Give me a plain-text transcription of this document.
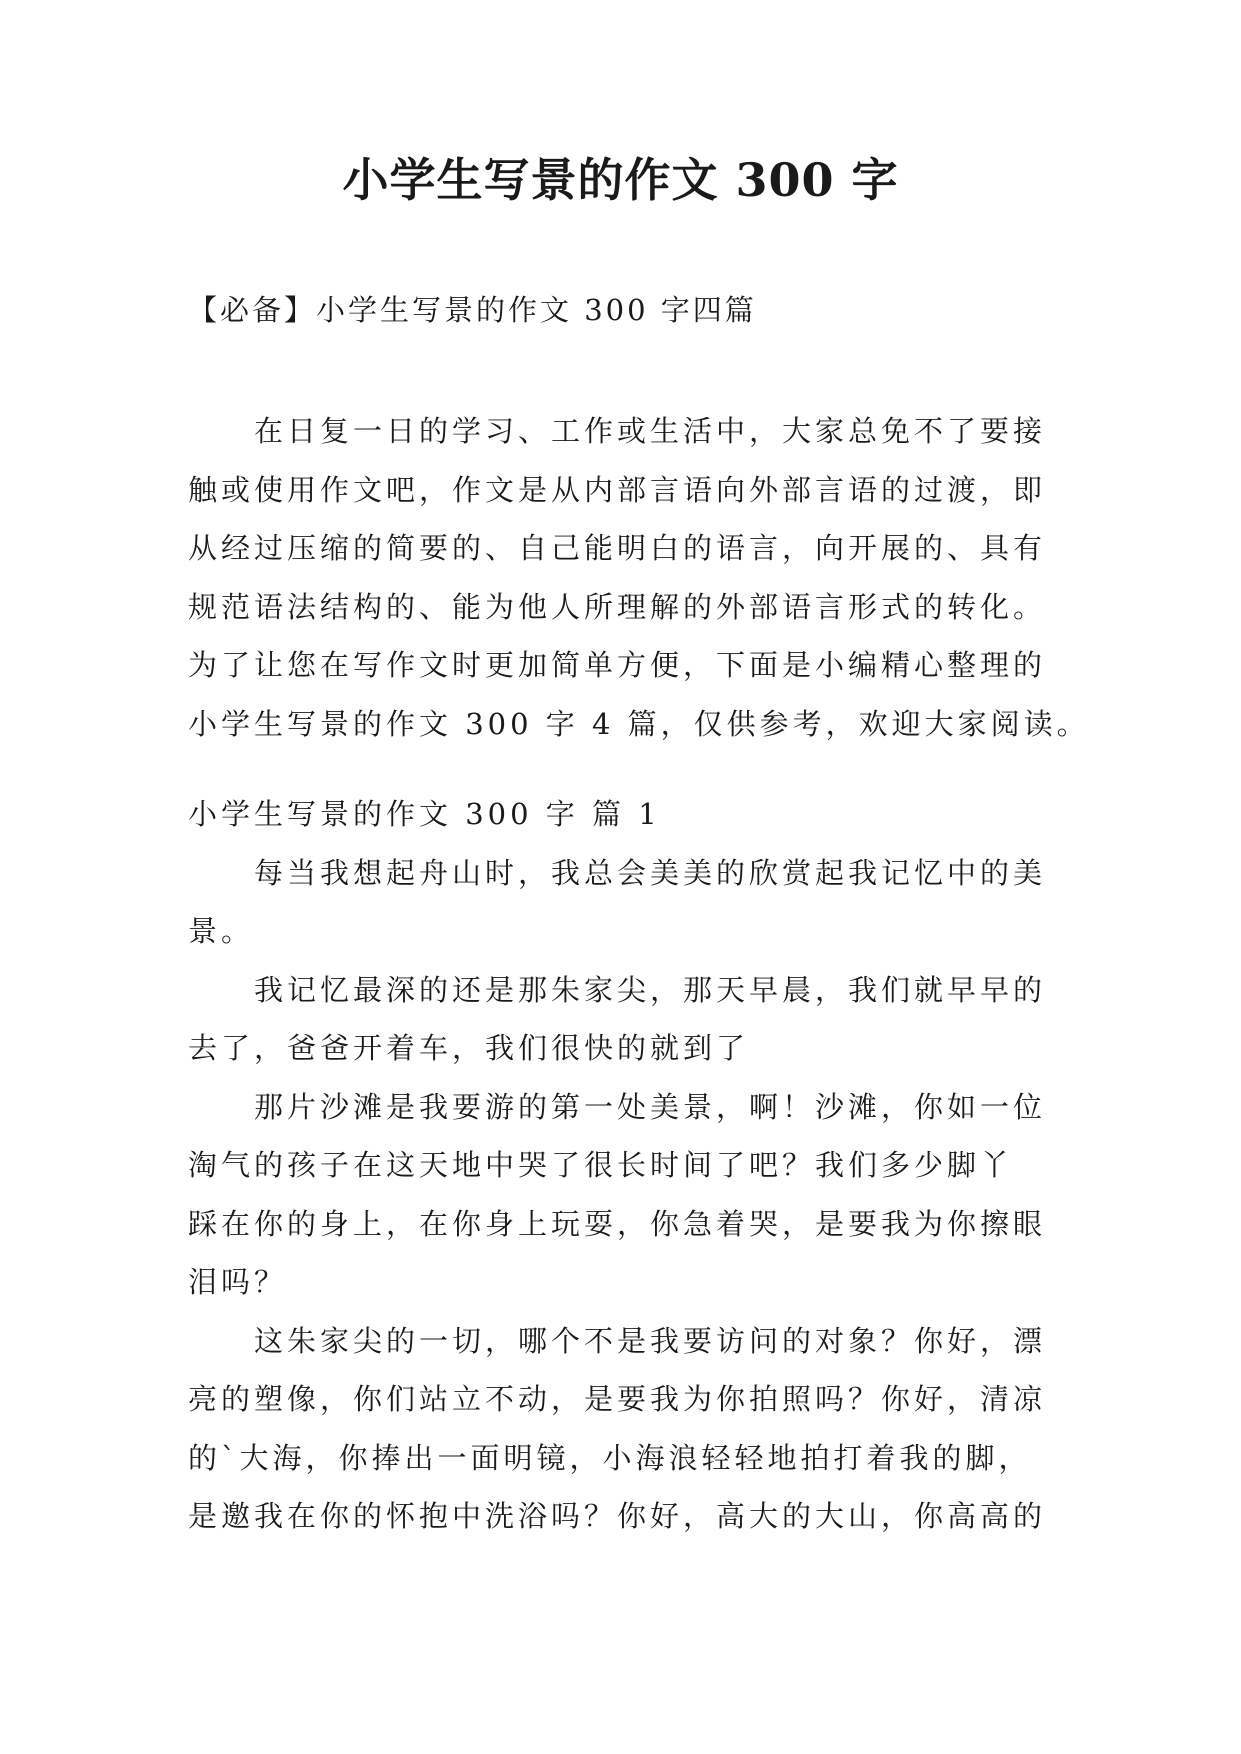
小学生写景的作文 300 字
【必备】小学生写景的作文 300 字四篇
　　在日复一日的学习、工作或生活中，大家总免不了要接
触或使用作文吧，作文是从内部言语向外部言语的过渡，即
从经过压缩的简要的、自己能明白的语言，向开展的、具有
规范语法结构的、能为他人所理解的外部语言形式的转化。
为了让您在写作文时更加简单方便，下面是小编精心整理的
小学生写景的作文 300 字 4 篇，仅供参考，欢迎大家阅读。
小学生写景的作文 300 字 篇 1
　　每当我想起舟山时，我总会美美的欣赏起我记忆中的美
景。
　　我记忆最深的还是那朱家尖，那天早晨，我们就早早的
去了，爸爸开着车，我们很快的就到了
　　那片沙滩是我要游的第一处美景，啊！沙滩，你如一位
淘气的孩子在这天地中哭了很长时间了吧？我们多少脚丫
踩在你的身上，在你身上玩耍，你急着哭，是要我为你擦眼
泪吗？
　　这朱家尖的一切，哪个不是我要访问的对象？你好，漂
亮的塑像，你们站立不动，是要我为你拍照吗？你好，清凉
的`大海，你捧出一面明镜，小海浪轻轻地拍打着我的脚，
是邀我在你的怀抱中洗浴吗？你好，高大的大山，你高高的
